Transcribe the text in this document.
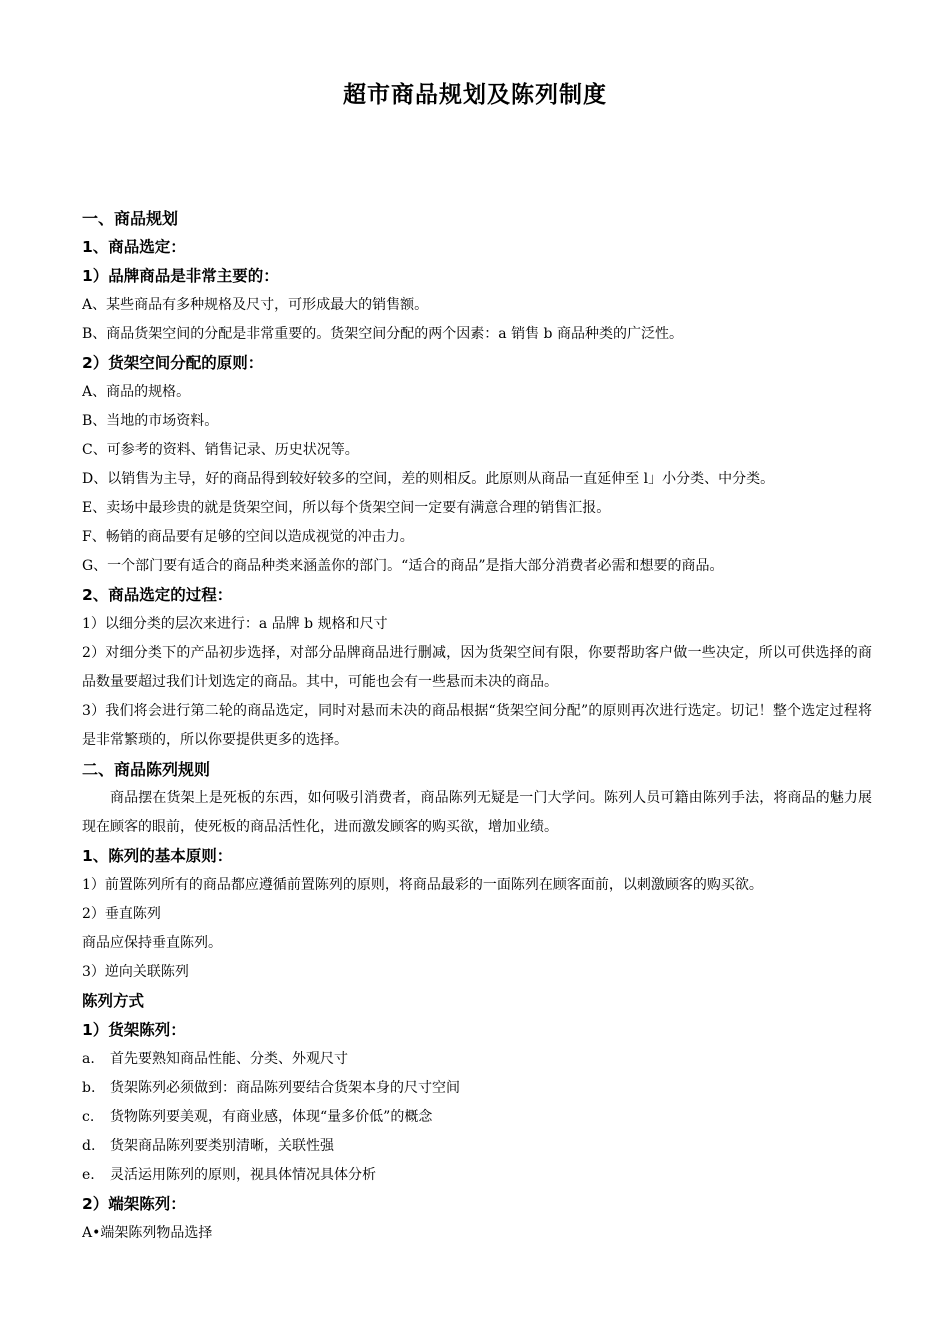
超市商品规划及陈列制度
一、商品规划
1、商品选定：
1）品牌商品是非常主要的：
A、某些商品有多种规格及尺寸，可形成最大的销售额。
B、商品货架空间的分配是非常重要的。货架空间分配的两个因素：a 销售 b 商品种类的广泛性。
2）货架空间分配的原则：
A、商品的规格。
B、当地的市场资料。
C、可参考的资料、销售记录、历史状况等。
D、以销售为主导，好的商品得到较好较多的空间，差的则相反。此原则从商品一直延伸至 l」小分类、中分类。
E、卖场中最珍贵的就是货架空间，所以每个货架空间一定要有满意合理的销售汇报。
F、畅销的商品要有足够的空间以造成视觉的冲击力。
G、一个部门要有适合的商品种类来涵盖你的部门。“适合的商品”是指大部分消费者必需和想要的商品。
2、商品选定的过程：
1）以细分类的层次来进行：a 品牌 b 规格和尺寸
2）对细分类下的产品初步选择，对部分品牌商品进行删减，因为货架空间有限，你要帮助客户做一些决定，所以可供选择的商品数量要超过我们计划选定的商品。其中，可能也会有一些悬而未决的商品。
3）我们将会进行第二轮的商品选定，同时对悬而未决的商品根据“货架空间分配”的原则再次进行选定。切记！整个选定过程将是非常繁琐的，所以你要提供更多的选择。
二、商品陈列规则
商品摆在货架上是死板的东西，如何吸引消费者，商品陈列无疑是一门大学问。陈列人员可籍由陈列手法，将商品的魅力展现在顾客的眼前，使死板的商品活性化，进而激发顾客的购买欲，增加业绩。
1、陈列的基本原则：
1）前置陈列所有的商品都应遵循前置陈列的原则，将商品最彩的一面陈列在顾客面前，以刺激顾客的购买欲。
2）垂直陈列
商品应保持垂直陈列。
3）逆向关联陈列
陈列方式
1）货架陈列：
a.	首先要熟知商品性能、分类、外观尺寸
b.	货架陈列必须做到：商品陈列要结合货架本身的尺寸空间
c.	货物陈列要美观，有商业感，体现“量多价低”的概念
d.	货架商品陈列要类别清晰，关联性强
e.	灵活运用陈列的原则，视具体情况具体分析
2）端架陈列：
A•端架陈列物品选择
